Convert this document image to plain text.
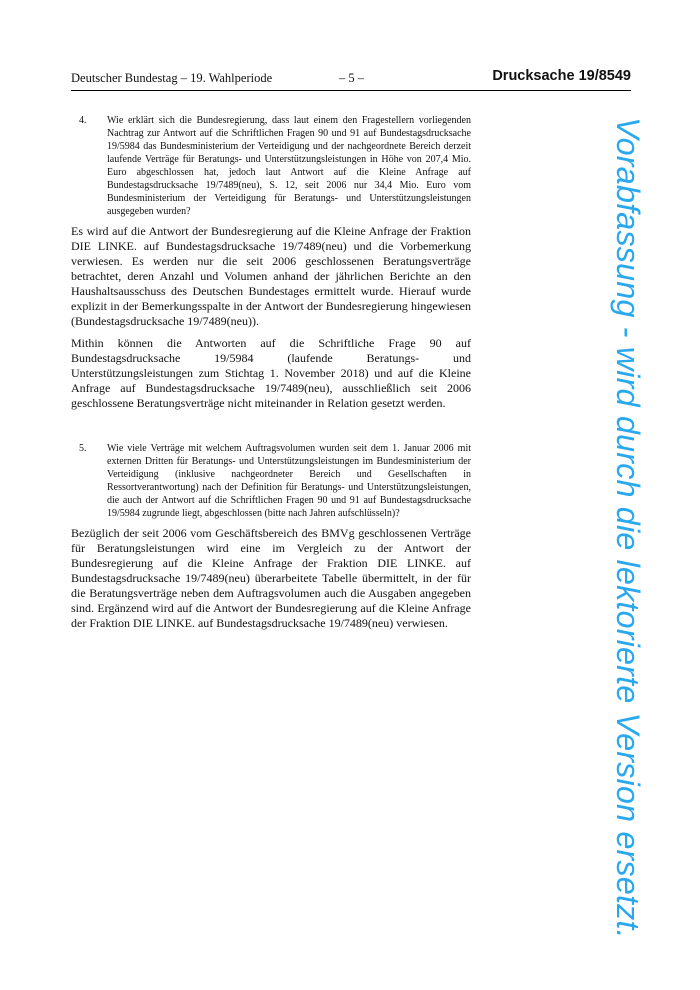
Deutscher Bundestag – 19. Wahlperiode	– 5 –	Drucksache 19/8549
4. Wie erklärt sich die Bundesregierung, dass laut einem den Fragestellern vorliegenden Nachtrag zur Antwort auf die Schriftlichen Fragen 90 und 91 auf Bundestagsdrucksache 19/5984 das Bundesministerium der Verteidigung und der nachgeordnete Bereich derzeit laufende Verträge für Beratungs- und Unterstützungsleistungen in Höhe von 207,4 Mio. Euro abgeschlossen hat, jedoch laut Antwort auf die Kleine Anfrage auf Bundestagsdrucksache 19/7489(neu), S. 12, seit 2006 nur 34,4 Mio. Euro vom Bundesministerium der Verteidigung für Beratungs- und Unterstützungsleistungen ausgegeben wurden?

Es wird auf die Antwort der Bundesregierung auf die Kleine Anfrage der Fraktion DIE LINKE. auf Bundestagsdrucksache 19/7489(neu) und die Vorbemerkung verwiesen. Es werden nur die seit 2006 geschlossenen Beratungsverträge betrachtet, deren Anzahl und Volumen anhand der jährlichen Berichte an den Haushaltsausschuss des Deutschen Bundestages ermittelt wurde. Hierauf wurde explizit in der Bemerkungsspalte in der Antwort der Bundesregierung hingewiesen (Bundestagsdrucksache 19/7489(neu)).

Mithin können die Antworten auf die Schriftliche Frage 90 auf Bundestagsdrucksache 19/5984 (laufende Beratungs- und Unterstützungsleistungen zum Stichtag 1. November 2018) und auf die Kleine Anfrage auf Bundestagsdrucksache 19/7489(neu), ausschließlich seit 2006 geschlossene Beratungsverträge nicht miteinander in Relation gesetzt werden.

5. Wie viele Verträge mit welchem Auftragsvolumen wurden seit dem 1. Januar 2006 mit externen Dritten für Beratungs- und Unterstützungsleistungen im Bundesministerium der Verteidigung (inklusive nachgeordneter Bereich und Gesellschaften in Ressortverantwortung) nach der Definition für Beratungs- und Unterstützungsleistungen, die auch der Antwort auf die Schriftlichen Fragen 90 und 91 auf Bundestagsdrucksache 19/5984 zugrunde liegt, abgeschlossen (bitte nach Jahren aufschlüsseln)?

Bezüglich der seit 2006 vom Geschäftsbereich des BMVg geschlossenen Verträge für Beratungsleistungen wird eine im Vergleich zu der Antwort der Bundesregierung auf die Kleine Anfrage der Fraktion DIE LINKE. auf Bundestagsdrucksache 19/7489(neu) überarbeitete Tabelle übermittelt, in der für die Beratungsverträge neben dem Auftragsvolumen auch die Ausgaben angegeben sind. Ergänzend wird auf die Antwort der Bundesregierung auf die Kleine Anfrage der Fraktion DIE LINKE. auf Bundestagsdrucksache 19/7489(neu) verwiesen.	Vorabfassung - wird durch die lektorierte Version ersetzt.
